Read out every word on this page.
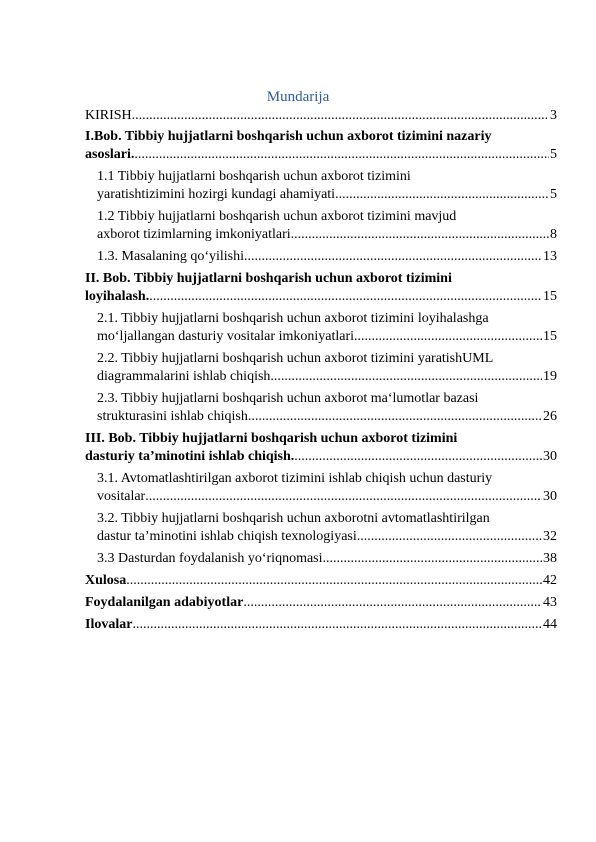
Mundarija
KIRISH .....	3
I.Bob. Tibbiy hujjatlarni boshqarish uchun axborot tizimini nazariy
asoslari. .....	5
1.1 Tibbiy hujjatlarni boshqarish uchun axborot tizimini
yaratishtizimini hozirgi kundagi ahamiyati .....	5
1.2 Tibbiy hujjatlarni boshqarish uchun axborot tizimini mavjud
axborot tizimlarning imkoniyatlari .....	8
1.3. Masalaning qo‘yilishi .....	13
II. Bob. Tibbiy hujjatlarni boshqarish uchun axborot tizimini
loyihalash. .....	15
2.1. Tibbiy hujjatlarni boshqarish uchun axborot tizimini loyihalashga
mo‘ljallangan dasturiy vositalar imkoniyatlari .....	15
2.2. Tibbiy hujjatlarni boshqarish uchun axborot tizimini yaratishUML
diagrammalarini ishlab chiqish .....	19
2.3. Tibbiy hujjatlarni boshqarish uchun axborot ma‘lumotlar bazasi
strukturasini ishlab chiqish .....	26
III. Bob. Tibbiy hujjatlarni boshqarish uchun axborot tizimini
dasturiy ta’minotini ishlab chiqish. .....	30
3.1. Avtomatlashtirilgan axborot tizimini ishlab chiqish uchun dasturiy
vositalar .....	30
3.2. Tibbiy hujjatlarni boshqarish uchun axborotni avtomatlashtirilgan
dastur ta’minotini ishlab chiqish texnologiyasi .....	32
3.3 Dasturdan foydalanish yo‘riqnomasi .....	38
Xulosa .....	42
Foydalanilgan adabiyotlar .....	43
Ilovalar .....	44
